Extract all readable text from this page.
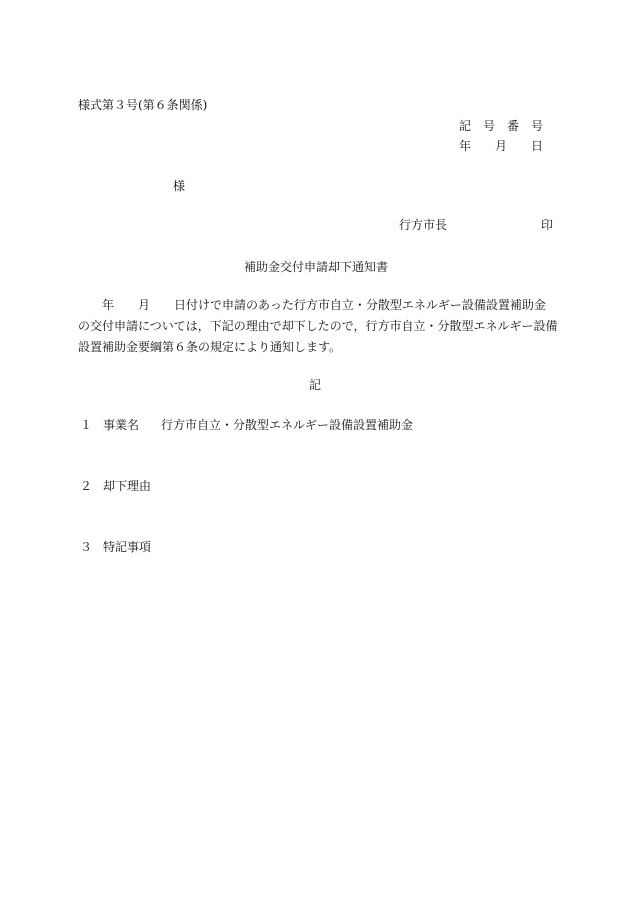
様式第３号(第６条関係)

記　号　番　号

年　　月　　日

様

行方市長	印

補助金交付申請却下通知書

　　年　　月　　日付けで申請のあった行方市自立・分散型エネルギー設備設置補助金
の交付申請については，下記の理由で却下したので，行方市自立・分散型エネルギー設備
設置補助金要綱第６条の規定により通知します。

記

１ 事業名 行方市自立・分散型エネルギー設備設置補助金

２ 却下理由

３ 特記事項
